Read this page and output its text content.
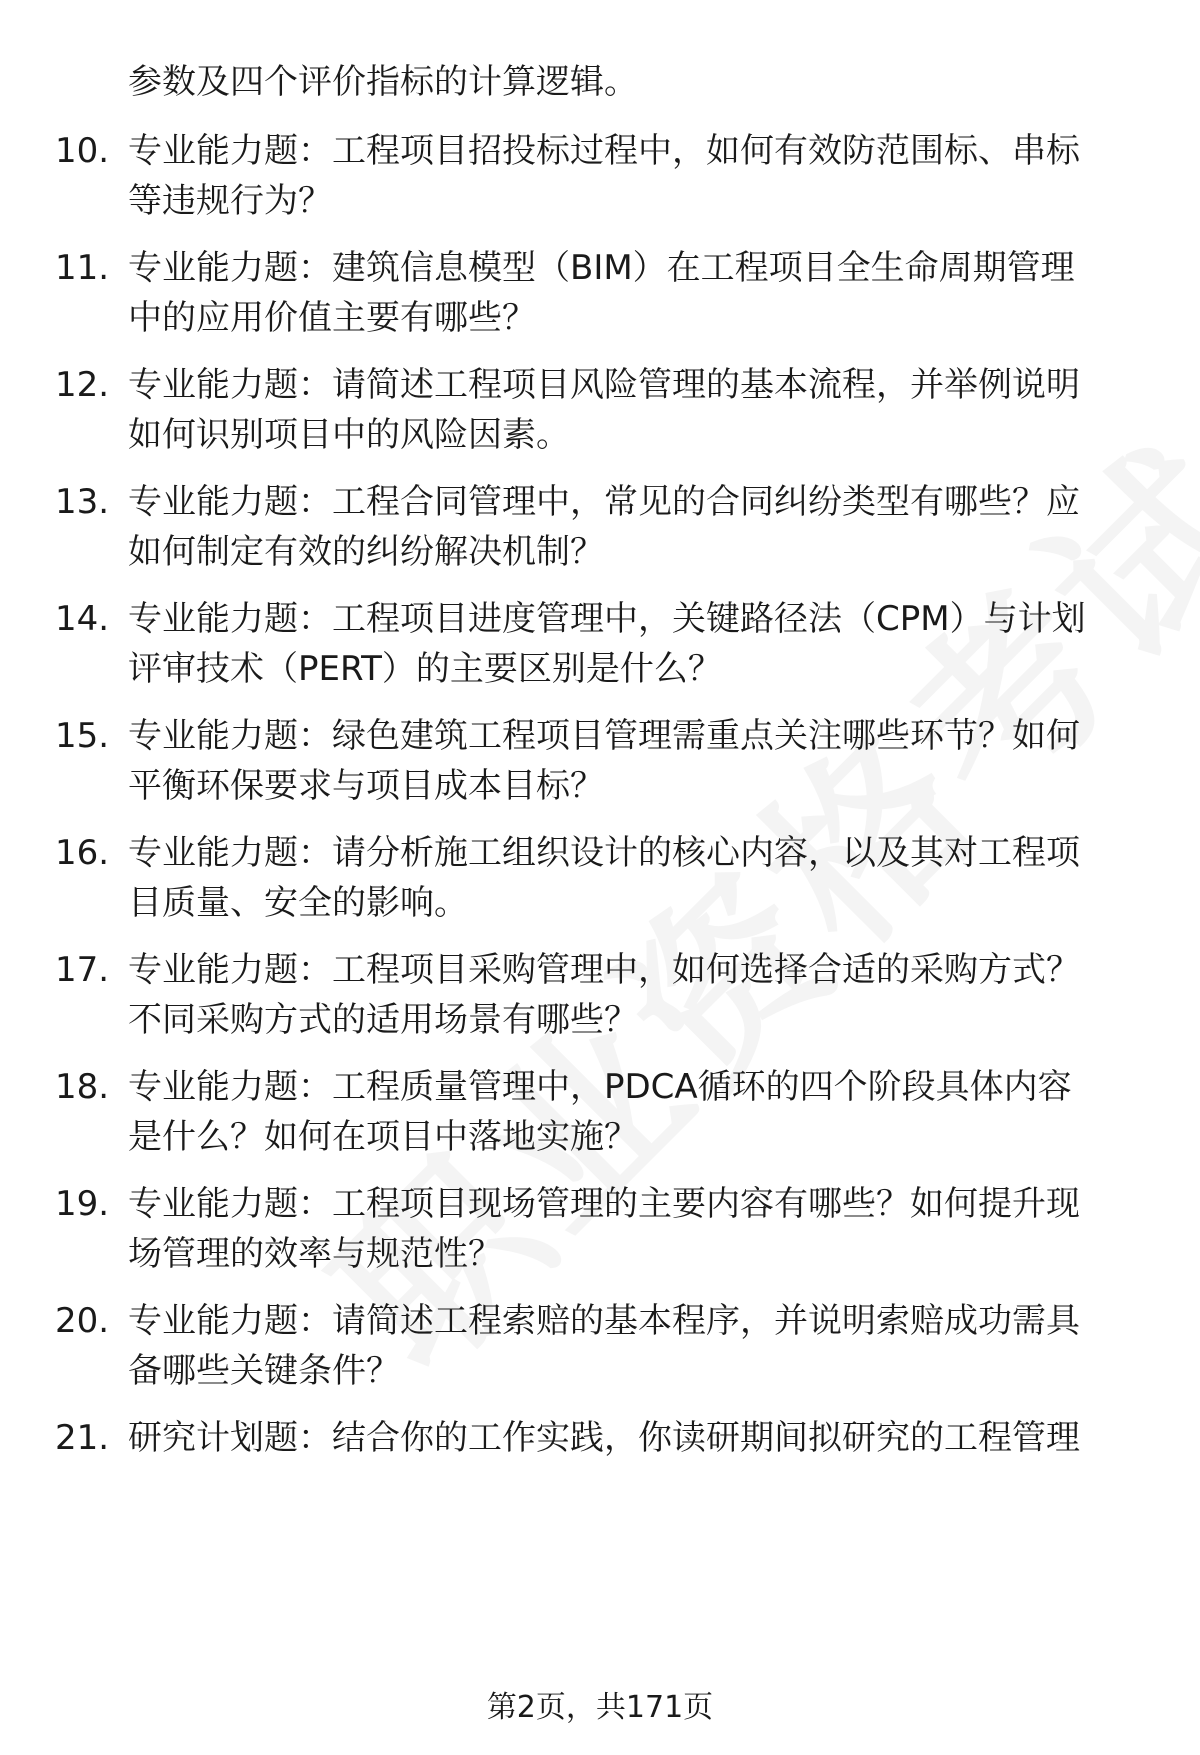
参数及四个评价指标的计算逻辑。
10. 专业能力题：工程项目招投标过程中，如何有效防范围标、串标
等违规行为？
11. 专业能力题：建筑信息模型（BIM）在工程项目全生命周期管理
中的应用价值主要有哪些？
12. 专业能力题：请简述工程项目风险管理的基本流程，并举例说明
如何识别项目中的风险因素。
13. 专业能力题：工程合同管理中，常见的合同纠纷类型有哪些？应
如何制定有效的纠纷解决机制？
14. 专业能力题：工程项目进度管理中，关键路径法（CPM）与计划
评审技术（PERT）的主要区别是什么？
15. 专业能力题：绿色建筑工程项目管理需重点关注哪些环节？如何
平衡环保要求与项目成本目标？
16. 专业能力题：请分析施工组织设计的核心内容，以及其对工程项
目质量、安全的影响。
17. 专业能力题：工程项目采购管理中，如何选择合适的采购方式？
不同采购方式的适用场景有哪些？
18. 专业能力题：工程质量管理中，PDCA循环的四个阶段具体内容
是什么？如何在项目中落地实施？
19. 专业能力题：工程项目现场管理的主要内容有哪些？如何提升现
场管理的效率与规范性？
20. 专业能力题：请简述工程索赔的基本程序，并说明索赔成功需具
备哪些关键条件？
21. 研究计划题：结合你的工作实践，你读研期间拟研究的工程管理
第2页，共171页
